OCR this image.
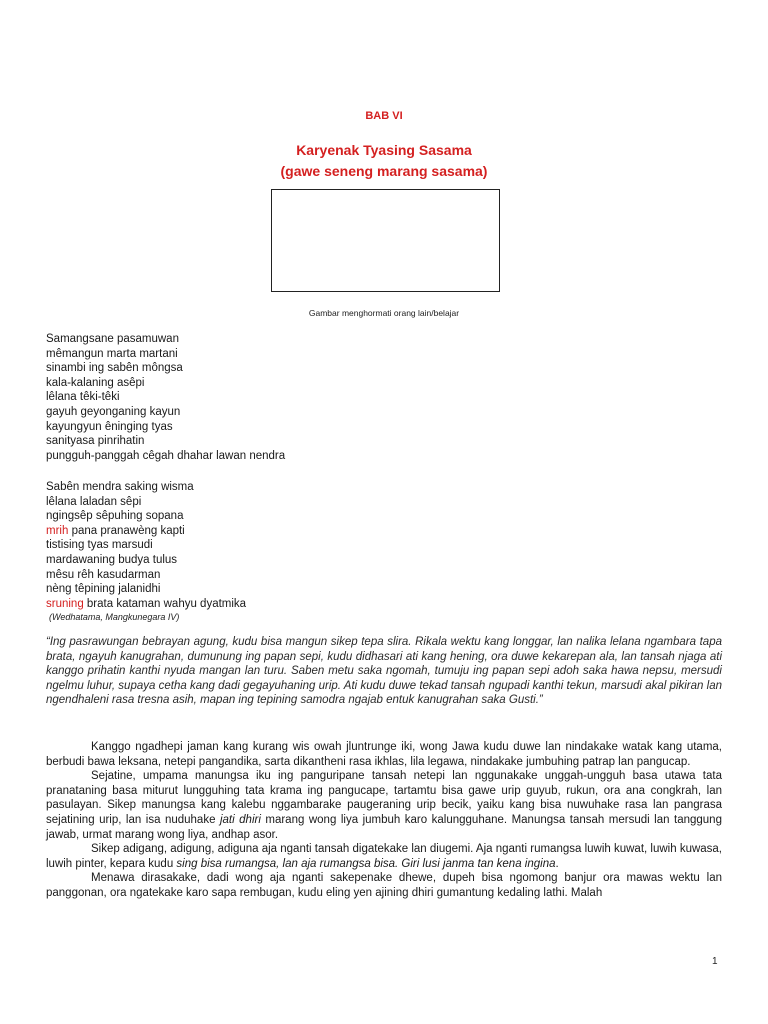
BAB VI
Karyenak Tyasing Sasama
(gawe seneng marang sasama)
Gambar menghormati orang lain/belajar
Samangsane pasamuwan
mêmangun marta martani
sinambi ing sabên môngsa
kala-kalaning asêpi
lêlana têki-têki
gayuh geyonganing kayun
kayungyun êninging tyas
sanityasa pinrihatin
pungguh-panggah cêgah dhahar lawan nendra
Sabên mendra saking wisma
lêlana laladan sêpi
ngingsêp sêpuhing sopana
mrih pana pranawèng kapti
tistising tyas marsudi
mardawaning budya tulus
mêsu rêh kasudarman
nèng têpining jalanidhi
sruning brata kataman wahyu dyatmika
(Wedhatama, Mangkunegara IV)
“Ing pasrawungan bebrayan agung, kudu bisa mangun sikep tepa slira. Rikala wektu kang longgar, lan nalika lelana ngambara tapa brata, ngayuh kanugrahan, dumunung ing papan sepi, kudu didhasari ati kang hening, ora duwe kekarepan ala, lan tansah njaga ati kanggo prihatin kanthi nyuda mangan lan turu. Saben metu saka ngomah, tumuju ing papan sepi adoh saka hawa nepsu, mersudi ngelmu luhur, supaya cetha kang dadi gegayuhaning urip. Ati kudu duwe tekad tansah ngupadi kanthi tekun, marsudi akal pikiran lan ngendhaleni rasa tresna asih, mapan ing tepining samodra ngajab entuk kanugrahan saka Gusti.”

Kanggo ngadhepi jaman kang kurang wis owah jluntrunge iki, wong Jawa kudu duwe lan nindakake watak kang utama, berbudi bawa leksana, netepi pangandika, sarta dikantheni rasa ikhlas, lila legawa, nindakake jumbuhing patrap lan pangucap.

Sejatine, umpama manungsa iku ing panguripane tansah netepi lan nggunakake unggah-ungguh basa utawa tata pranataning basa miturut lungguhing tata krama ing pangucape, tartamtu bisa gawe urip guyub, rukun, ora ana congkrah, lan pasulayan. Sikep manungsa kang kalebu nggambarake paugeraning urip becik, yaiku kang bisa nuwuhake rasa lan pangrasa sejatining urip, lan isa nuduhake jati dhiri marang wong liya jumbuh karo kalungguhane. Manungsa tansah mersudi lan tanggung jawab, urmat marang wong liya, andhap asor.

Sikep adigang, adigung, adiguna aja nganti tansah digatekake lan diugemi. Aja nganti rumangsa luwih kuwat, luwih kuwasa, luwih pinter, kepara kudu sing bisa rumangsa, lan aja rumangsa bisa. Giri lusi janma tan kena ingina.

Menawa dirasakake, dadi wong aja nganti sakepenake dhewe, dupeh bisa ngomong banjur ora mawas wektu lan panggonan, ora ngatekake karo sapa rembugan, kudu eling yen ajining dhiri gumantung kedaling lathi. Malah

1
